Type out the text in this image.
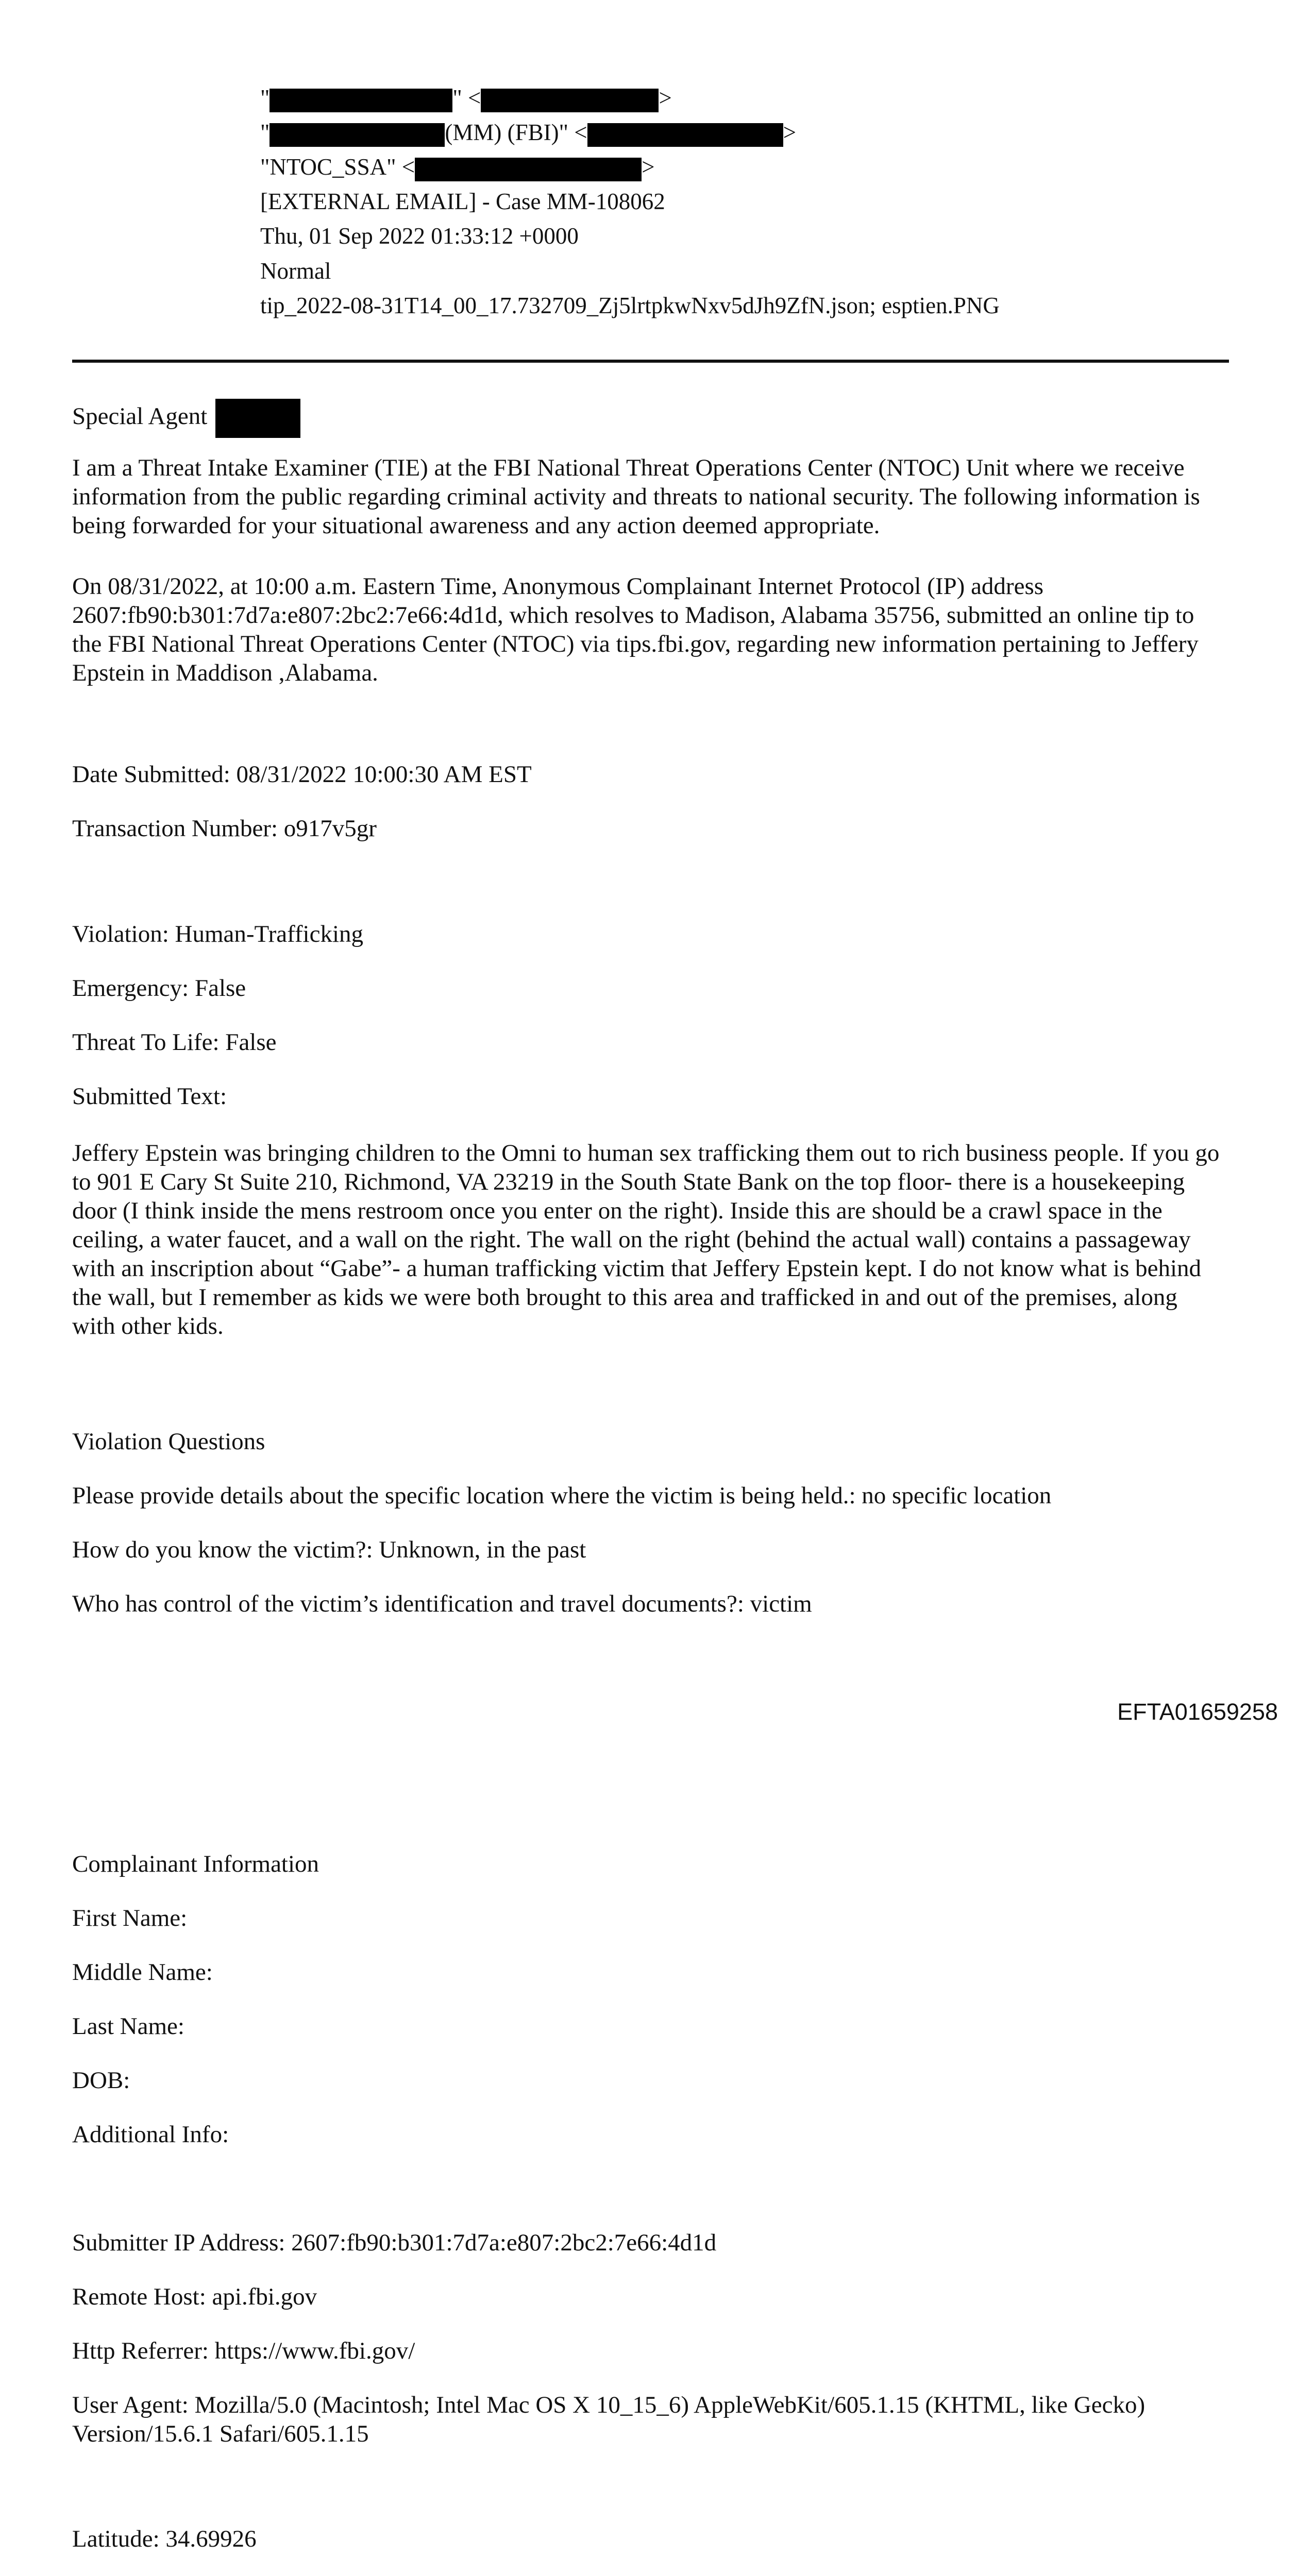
"	" <	>
"	(MM) (FBI)" <	>
"NTOC_SSA" <	>
[EXTERNAL EMAIL] - Case MM-108062
Thu, 01 Sep 2022 01:33:12 +0000
Normal
tip_2022-08-31T14_00_17.732709_Zj5lrtpkwNxv5dJh9ZfN.json; esptien.PNG
Special Agent

I am a Threat Intake Examiner (TIE) at the FBI National Threat Operations Center (NTOC) Unit where we receive information from the public regarding criminal activity and threats to national security. The following information is being forwarded for your situational awareness and any action deemed appropriate.

On 08/31/2022, at 10:00 a.m. Eastern Time, Anonymous Complainant Internet Protocol (IP) address 2607:fb90:b301:7d7a:e807:2bc2:7e66:4d1d, which resolves to Madison, Alabama 35756, submitted an online tip to the FBI National Threat Operations Center (NTOC) via tips.fbi.gov, regarding new information pertaining to Jeffery Epstein in Maddison ,Alabama.

Date Submitted: 08/31/2022 10:00:30 AM EST
Transaction Number: o917v5gr
Violation: Human-Trafficking
Emergency: False
Threat To Life: False
Submitted Text:

Jeffery Epstein was bringing children to the Omni to human sex trafficking them out to rich business people. If you go to 901 E Cary St Suite 210, Richmond, VA 23219 in the South State Bank on the top floor- there is a housekeeping door (I think inside the mens restroom once you enter on the right). Inside this are should be a crawl space in the ceiling, a water faucet, and a wall on the right. The wall on the right (behind the actual wall) contains a passageway with an inscription about “Gabe”- a human trafficking victim that Jeffery Epstein kept. I do not know what is behind the wall, but I remember as kids we were both brought to this area and trafficked in and out of the premises, along with other kids.

Violation Questions
Please provide details about the specific location where the victim is being held.: no specific location
How do you know the victim?: Unknown, in the past
Who has control of the victim’s identification and travel documents?: victim
EFTA01659258
Complainant Information
First Name:
Middle Name:
Last Name:
DOB:
Additional Info:
Submitter IP Address: 2607:fb90:b301:7d7a:e807:2bc2:7e66:4d1d
Remote Host: api.fbi.gov
Http Referrer: https://www.fbi.gov/

User Agent: Mozilla/5.0 (Macintosh; Intel Mac OS X 10_15_6) AppleWebKit/605.1.15 (KHTML, like Gecko) Version/15.6.1 Safari/605.1.15

Latitude: 34.69926
